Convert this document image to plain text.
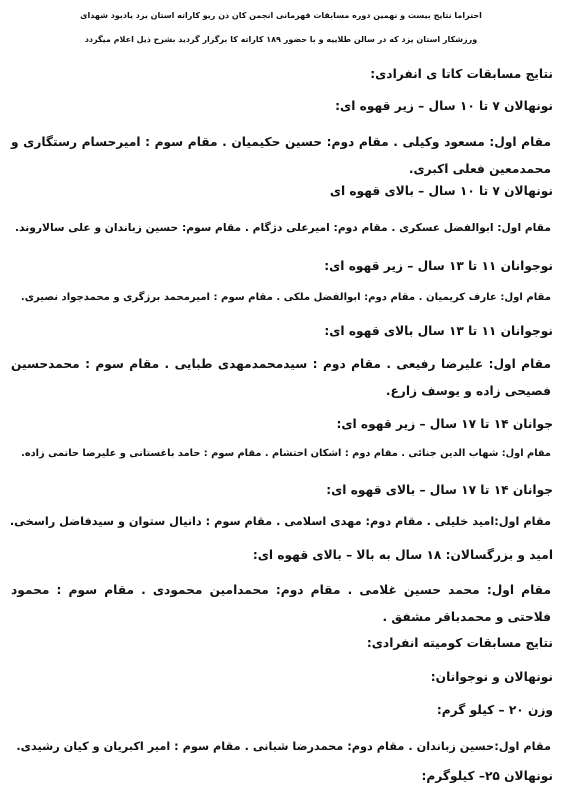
احتراما نتایج بیست و نهمین دوره مسابقات قهرمانی انجمن کان ذن ریو کاراته استان یزد یادبود شهدای
ورزشکار استان یزد که در سالن طلاییه و با حضور ۱۸۹ کاراته کا برگزار گردید بشرح ذیل اعلام میگردد
نتایج مسابقات کاتا ی انفرادی:
نونهالان ۷ تا ۱۰ سال – زیر قهوه ای:
مقام اول: مسعود وکیلی . مقام دوم: حسین حکیمیان . مقام سوم : امیرحسام رستگاری و محمدمعین فعلی اکبری.
نونهالان ۷ تا ۱۰ سال – بالای قهوه ای
مقام اول: ابوالفضل عسکری . مقام دوم: امیرعلی دژگام . مقام سوم: حسین زباندان و علی سالاروند.
نوجوانان ۱۱ تا ۱۳ سال – زیر قهوه ای:
مقام اول: عارف کریمیان . مقام دوم: ابوالفضل ملکی . مقام سوم : امیرمحمد برزگری و محمدجواد نصیری.
نوجوانان ۱۱ تا ۱۳ سال بالای قهوه ای:
مقام اول: علیرضا رفیعی . مقام دوم : سیدمحمدمهدی طبایی . مقام سوم : محمدحسین فصیحی زاده و یوسف زارع.
جوانان ۱۴ تا ۱۷ سال – زیر قهوه ای:
مقام اول: شهاب الدین جنائی . مقام دوم : اشکان احتشام . مقام سوم : حامد باغستانی و علیرضا حاتمی زاده.
جوانان ۱۴ تا ۱۷ سال – بالای قهوه ای:
مقام اول:امید خلیلی . مقام دوم: مهدی اسلامی . مقام سوم : دانیال ستوان و سیدفاضل راسخی.
امید و بزرگسالان: ۱۸ سال به بالا – بالای قهوه ای:
مقام اول: محمد حسین غلامی . مقام دوم: محمدامین محمودی . مقام سوم : محمود فلاحتی و محمدباقر مشفق .
نتایج مسابقات کومیته انفرادی:
نونهالان و نوجوانان:
وزن ۲۰ – کیلو گرم:
مقام اول:حسین زباندان . مقام دوم: محمدرضا شبانی . مقام سوم : امیر اکبریان و کیان رشیدی.
نونهالان ۲۵– کیلوگرم:
